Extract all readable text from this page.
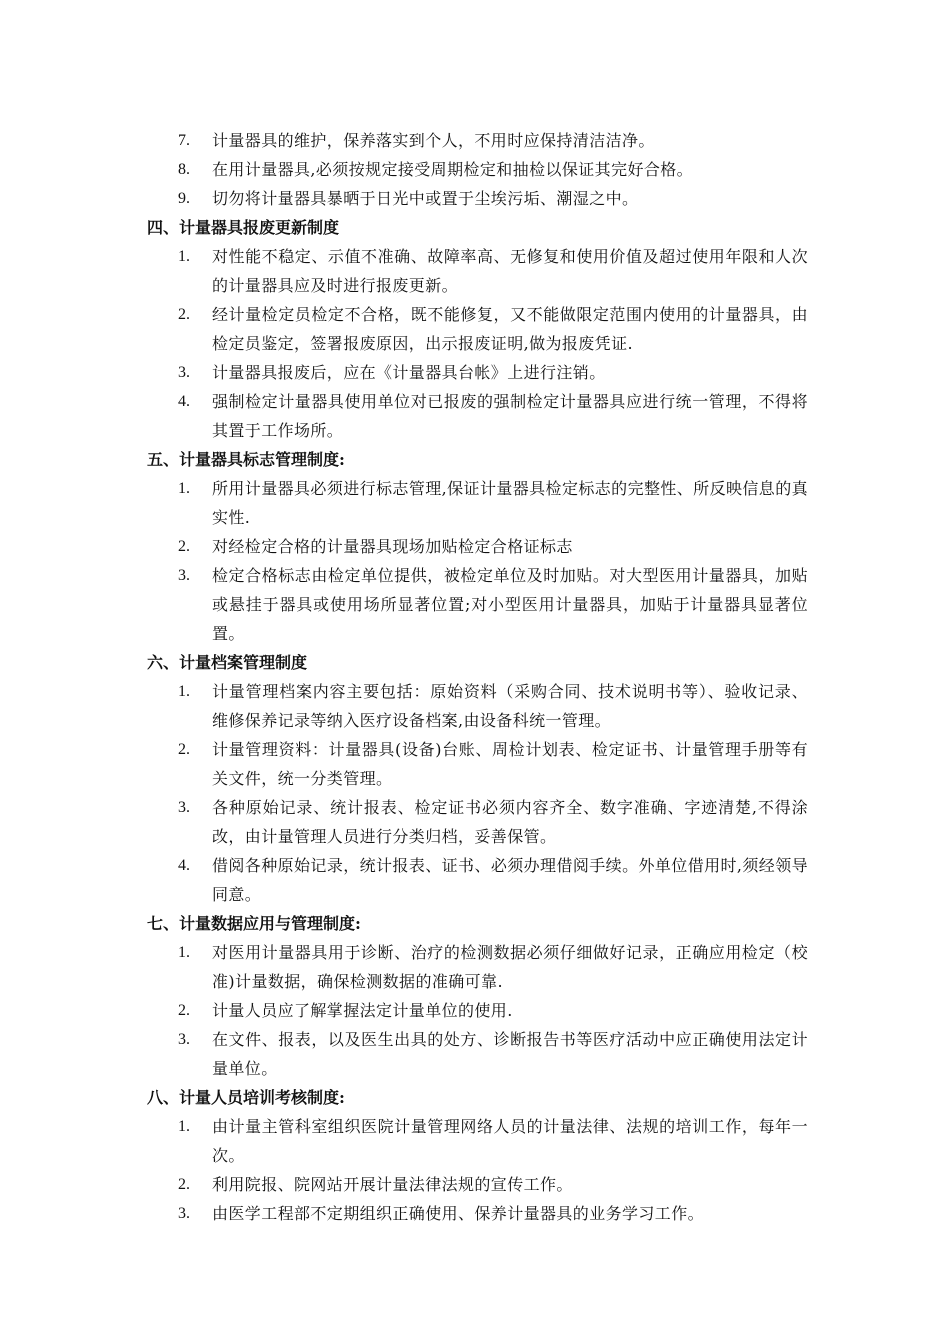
7.	计量器具的维护，保养落实到个人，不用时应保持清洁洁净。
8.	在用计量器具,必须按规定接受周期检定和抽检以保证其完好合格。
9.	切勿将计量器具暴晒于日光中或置于尘埃污垢、潮湿之中。
四、计量器具报废更新制度
1.	对性能不稳定、示值不准确、故障率高、无修复和使用价值及超过使用年限和人次的计量器具应及时进行报废更新。
2.	经计量检定员检定不合格，既不能修复，又不能做限定范围内使用的计量器具，由检定员鉴定，签署报废原因，出示报废证明,做为报废凭证.
3.	计量器具报废后，应在《计量器具台帐》上进行注销。
4.	强制检定计量器具使用单位对已报废的强制检定计量器具应进行统一管理，不得将其置于工作场所。
五、计量器具标志管理制度:
1.	所用计量器具必须进行标志管理,保证计量器具检定标志的完整性、所反映信息的真实性.
2.	对经检定合格的计量器具现场加贴检定合格证标志
3.	检定合格标志由检定单位提供，被检定单位及时加贴。对大型医用计量器具，加贴或悬挂于器具或使用场所显著位置;对小型医用计量器具，加贴于计量器具显著位置。
六、计量档案管理制度
1.	计量管理档案内容主要包括：原始资料（采购合同、技术说明书等）、验收记录、维修保养记录等纳入医疗设备档案,由设备科统一管理。
2.	计量管理资料：计量器具(设备)台账、周检计划表、检定证书、计量管理手册等有关文件，统一分类管理。
3.	各种原始记录、统计报表、检定证书必须内容齐全、数字准确、字迹清楚,不得涂改，由计量管理人员进行分类归档，妥善保管。
4.	借阅各种原始记录，统计报表、证书、必须办理借阅手续。外单位借用时,须经领导同意。
七、计量数据应用与管理制度:
1.	对医用计量器具用于诊断、治疗的检测数据必须仔细做好记录，正确应用检定（校准)计量数据，确保检测数据的准确可靠.
2.	计量人员应了解掌握法定计量单位的使用.
3.	在文件、报表，以及医生出具的处方、诊断报告书等医疗活动中应正确使用法定计量单位。
八、计量人员培训考核制度:
1.	由计量主管科室组织医院计量管理网络人员的计量法律、法规的培训工作，每年一次。
2.	利用院报、院网站开展计量法律法规的宣传工作。
3.	由医学工程部不定期组织正确使用、保养计量器具的业务学习工作。
